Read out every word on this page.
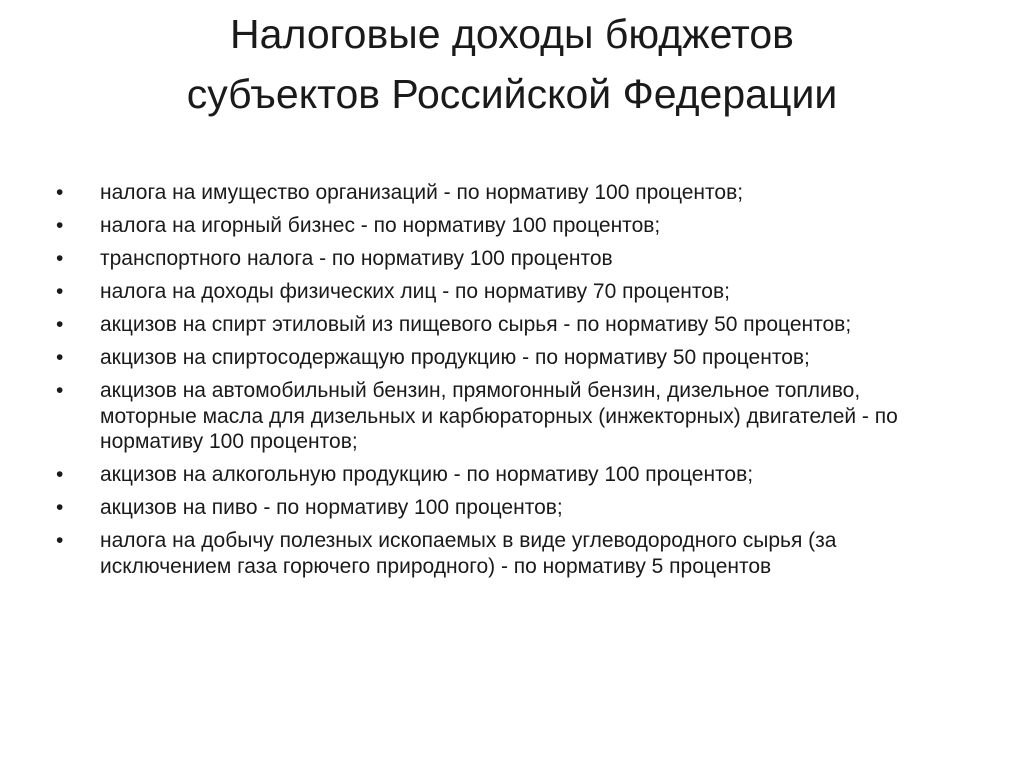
Налоговые доходы бюджетов
субъектов Российской Федерации
•	налога на имущество организаций - по нормативу 100 процентов;
•	налога на игорный бизнес - по нормативу 100 процентов;
•	транспортного налога - по нормативу 100 процентов
•	налога на доходы физических лиц - по нормативу 70 процентов;
•	акцизов на спирт этиловый из пищевого сырья - по нормативу 50 процентов;
•	акцизов на спиртосодержащую продукцию - по нормативу 50 процентов;
•	акцизов на автомобильный бензин, прямогонный бензин, дизельное топливо, моторные масла для дизельных и карбюраторных (инжекторных) двигателей - по нормативу 100 процентов;
•	акцизов на алкогольную продукцию - по нормативу 100 процентов;
•	акцизов на пиво - по нормативу 100 процентов;
•	налога на добычу полезных ископаемых в виде углеводородного сырья (за исключением газа горючего природного) - по нормативу 5 процентов
